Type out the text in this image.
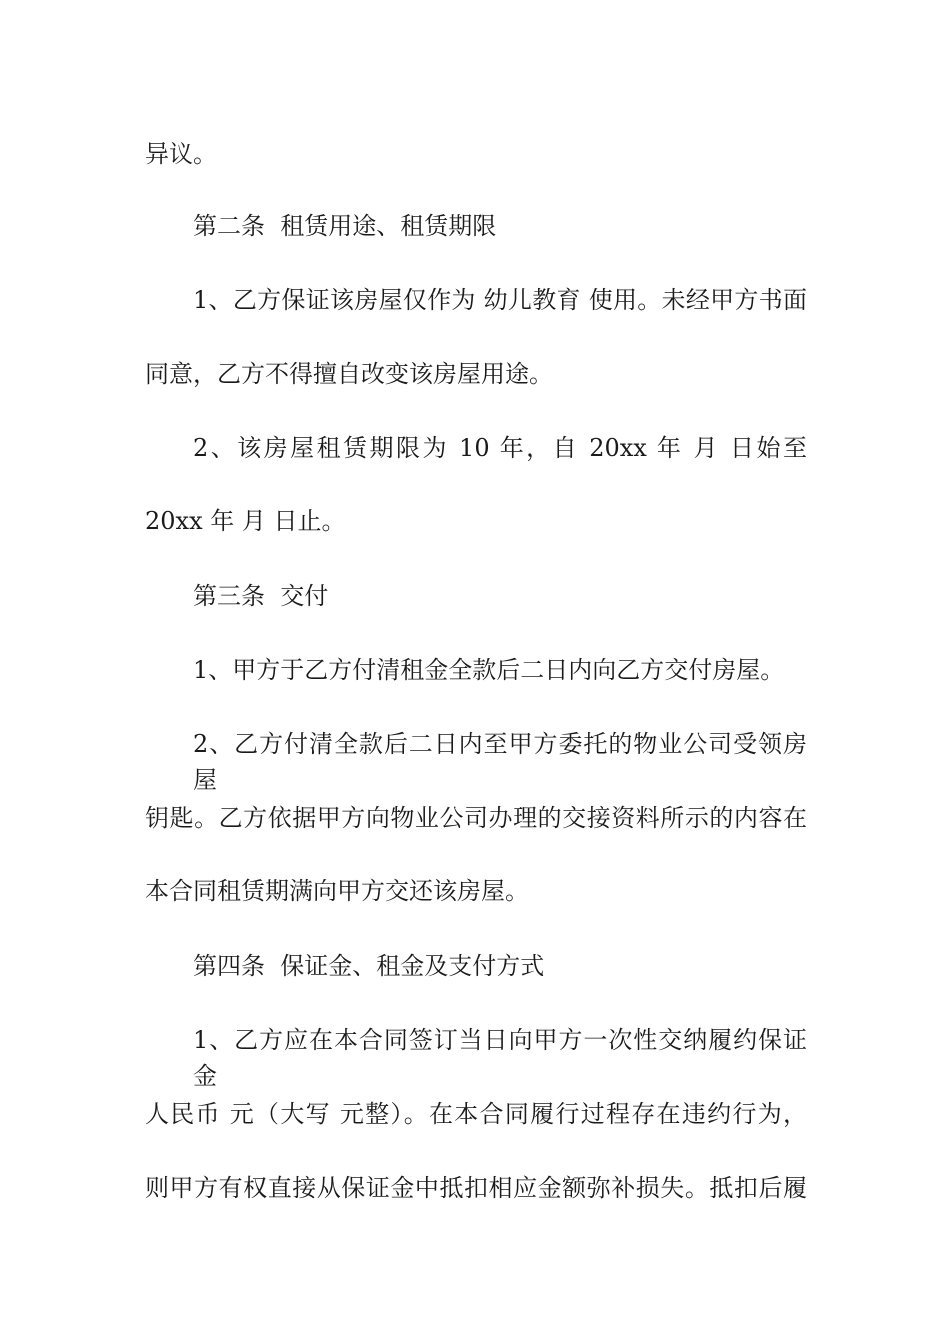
异议。
第二条  租赁用途、租赁期限
1、乙方保证该房屋仅作为 幼儿教育 使用。未经甲方书面
同意，乙方不得擅自改变该房屋用途。
2、该房屋租赁期限为 10 年，自 20xx 年 月 日始至
20xx 年 月 日止。
第三条  交付
1、甲方于乙方付清租金全款后二日内向乙方交付房屋。
2、乙方付清全款后二日内至甲方委托的物业公司受领房屋
钥匙。乙方依据甲方向物业公司办理的交接资料所示的内容在
本合同租赁期满向甲方交还该房屋。
第四条  保证金、租金及支付方式
1、乙方应在本合同签订当日向甲方一次性交纳履约保证金
人民币 元（大写 元整）。在本合同履行过程存在违约行为，
则甲方有权直接从保证金中抵扣相应金额弥补损失。抵扣后履
